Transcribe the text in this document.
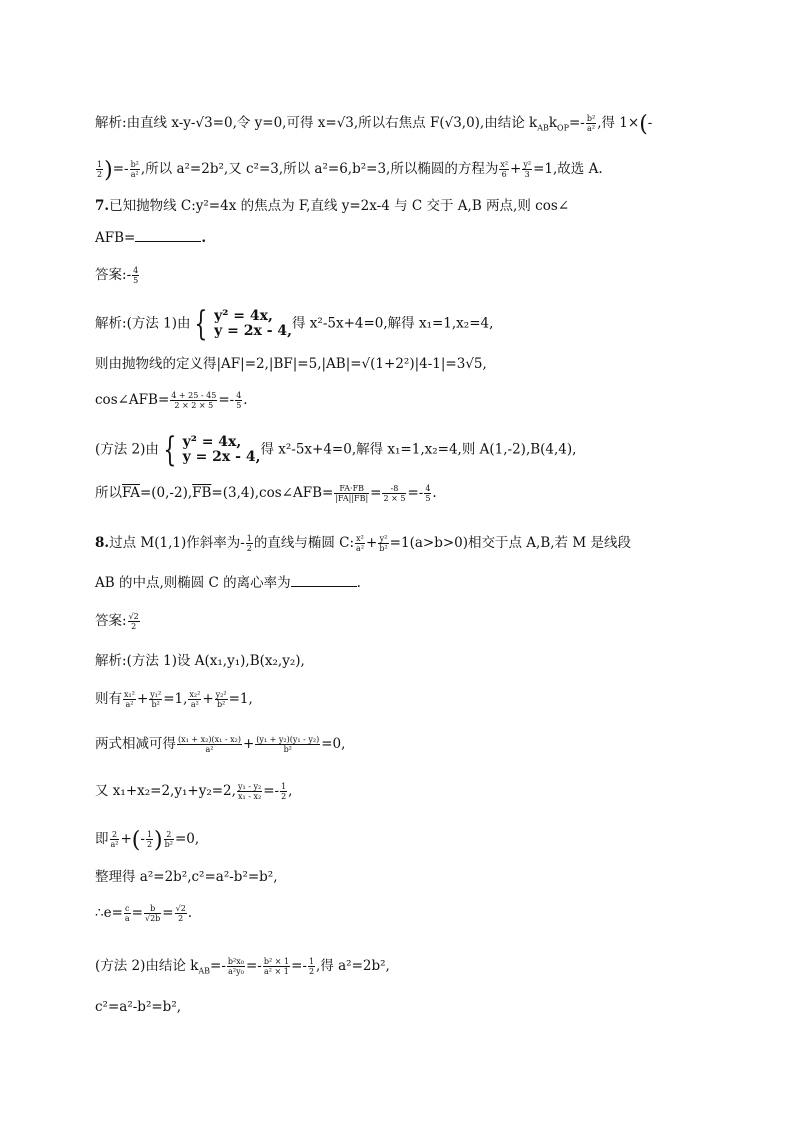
解析:由直线 x-y-√3=0,令 y=0,可得 x=√3,所以右焦点 F(√3,0),由结论 $k_{AB}k_{OP}=- \frac{\text{b²}}{\text{a²}}$ ,得 1×(-
$\frac{1}{2}$ )=- $\frac{\text{b²}}{\text{a²}}$ ,所以 a²=2b²,又 c²=3,所以 a²=6,b²=3,所以椭圆的方程为 $\frac{\text{x²}}{6} + \frac{\text{y²}}{3} =1$,故选 A.
7.已知抛物线 C:y²=4x 的焦点为 F,直线 y=2x-4 与 C 交于 A,B 两点,则 cos∠
AFB=	.
答案:- $\frac{4}{5}$
解析:(方法 1)由 { y² = 4x,
y = 2x - 4, 得 x²-5x+4=0,解得 x₁=1,x₂=4,
则由抛物线的定义得|AF|=2,|BF|=5,|AB|=√(1+2²)|4-1|=3√5,
cos∠AFB= $\frac{4 + 25 - 45}{2 \times 2 \times 5} =- \frac{4}{5}$ .
(方法 2)由 { y² = 4x,
y = 2x - 4, 得 x²-5x+4=0,解得 x₁=1,x₂=4,则 A(1,-2),B(4,4),
所以$\overline{FA}=(0,-2),\overline{FB}=(3,4),\cos\angle AFB= \frac{FA\cdot FB}{|FA||FB|} = \frac{-8}{2 \times 5} =- \frac{4}{5}$ .
8.过点 M(1,1)作斜率为- $\frac{1}{2}$ 的直线与椭圆 C: $\frac{\text{x²}}{\text{a²}} + \frac{\text{y²}}{\text{b²}} =1(a>b>0)$相交于点 A,B,若 M 是线段
AB 的中点,则椭圆 C 的离心率为	.
答案: $\frac{√2}{2}$
解析:(方法 1)设 A(x₁,y₁),B(x₂,y₂),
则有 $\frac{\text{x₁²}}{\text{a²}} + \frac{\text{y₁²}}{\text{b²}} =1$, $\frac{\text{x₂²}}{\text{a²}} + \frac{\text{y₂²}}{\text{b²}} =1$,
两式相减可得 $\frac{\text{(x₁ + x₂)(x₁ - x₂)}}{\text{a²}} + \frac{\text{(y₁ + y₂)(y₁ - y₂)}}{\text{b²}} =0$,
又 x₁+x₂=2,y₁+y₂=2, $\frac{\text{y₁ - y₂}}{\text{x₁ - x₂}} =- \frac{1}{2}$ ,
即 $\frac{2}{\text{a²}}$ +(- $\frac{1}{2}$ ) $\frac{2}{\text{b²}} =0$,
整理得 a²=2b²,c²=a²-b²=b²,
∴e= $\frac{c}{a} = \frac{b}{√2b} = \frac{√2}{2}$ .
(方法 2)由结论 $k_{AB}=- \frac{\text{b²x₀}}{\text{a²y₀}} =- \frac{\text{b² × 1}}{\text{a² × 1}} =- \frac{1}{2}$ ,得 a²=2b²,
c²=a²-b²=b²,
